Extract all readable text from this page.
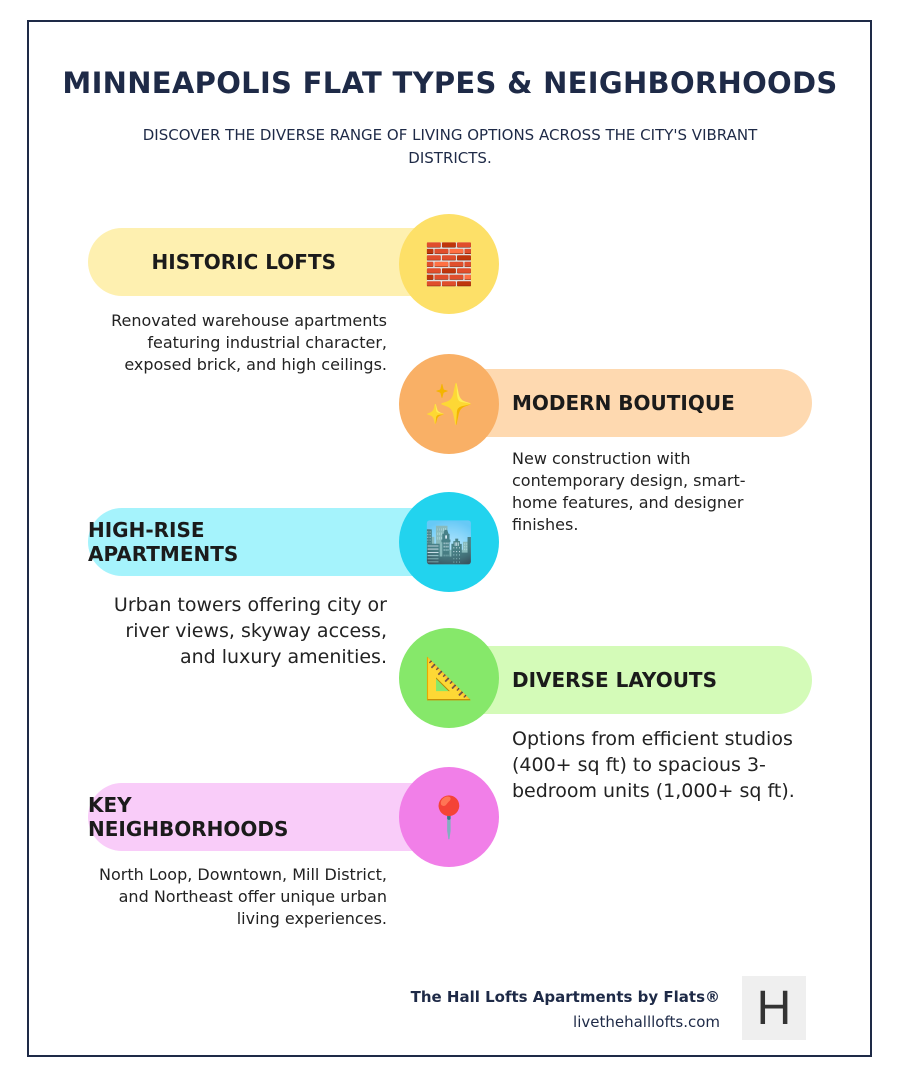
MINNEAPOLIS FLAT TYPES & NEIGHBORHOODS
DISCOVER THE DIVERSE RANGE OF LIVING OPTIONS ACROSS THE CITY'S VIBRANT DISTRICTS.
HISTORIC LOFTS	🧱
Renovated warehouse apartments featuring industrial character, exposed brick, and high ceilings.
MODERN BOUTIQUE
✨
New construction with contemporary design, smart-home features, and designer finishes.
HIGH-RISE APARTMENTS	🏙️
Urban towers offering city or river views, skyway access, and luxury amenities.
DIVERSE LAYOUTS
📐
Options from efficient studios (400+ sq ft) to spacious 3-bedroom units (1,000+ sq ft).
KEY NEIGHBORHOODS	📍
North Loop, Downtown, Mill District, and Northeast offer unique urban living experiences.
The Hall Lofts Apartments by Flats®
livethehalllofts.com H
